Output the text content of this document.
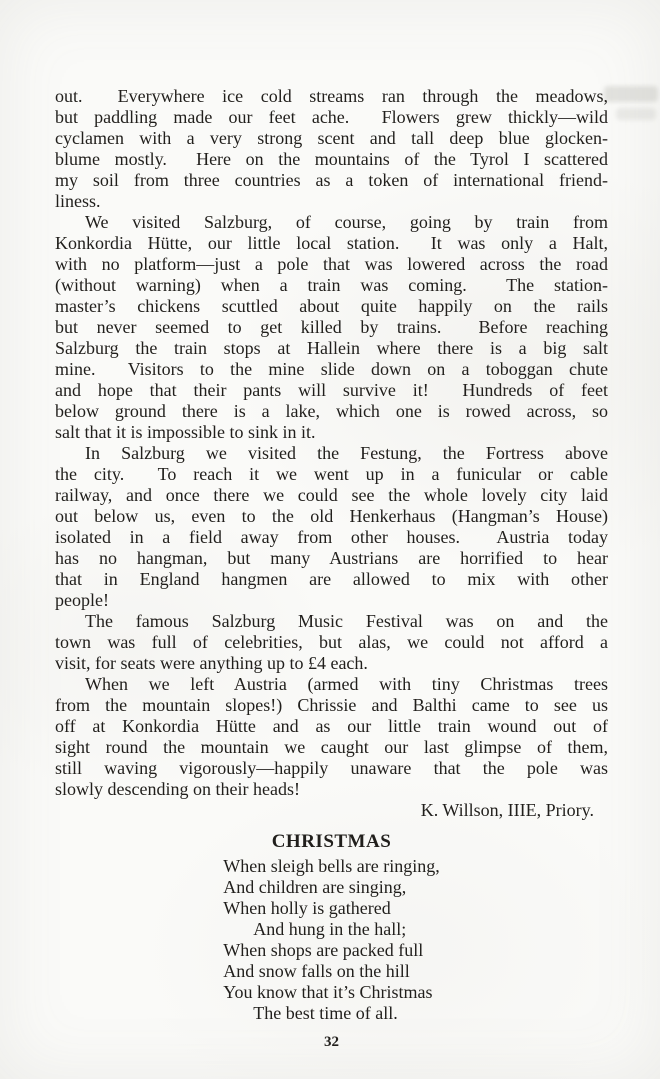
out.  Everywhere ice cold streams ran through the meadows,
but paddling made our feet ache.  Flowers grew thickly—wild
cyclamen with a very strong scent and tall deep blue glocken-
blume mostly.  Here on the mountains of the Tyrol I scattered
my soil from three countries as a token of international friend-
liness.
We visited Salzburg, of course, going by train from
Konkordia Hütte, our little local station.  It was only a Halt,
with no platform—just a pole that was lowered across the road
(without warning) when a train was coming.  The station-
master’s chickens scuttled about quite happily on the rails
but never seemed to get killed by trains.  Before reaching
Salzburg the train stops at Hallein where there is a big salt
mine.  Visitors to the mine slide down on a toboggan chute
and hope that their pants will survive it!  Hundreds of feet
below ground there is a lake, which one is rowed across, so
salt that it is impossible to sink in it.
In Salzburg we visited the Festung, the Fortress above
the city.  To reach it we went up in a funicular or cable
railway, and once there we could see the whole lovely city laid
out below us, even to the old Henkerhaus (Hangman’s House)
isolated in a field away from other houses.  Austria today
has no hangman, but many Austrians are horrified to hear
that in England hangmen are allowed to mix with other
people!
The famous Salzburg Music Festival was on and the
town was full of celebrities, but alas, we could not afford a
visit, for seats were anything up to £4 each.
When we left Austria (armed with tiny Christmas trees
from the mountain slopes!) Chrissie and Balthi came to see us
off at Konkordia Hütte and as our little train wound out of
sight round the mountain we caught our last glimpse of them,
still waving vigorously—happily unaware that the pole was
slowly descending on their heads!
K. Willson, IIIE, Priory.
CHRISTMAS
When sleigh bells are ringing,
And children are singing,
When holly is gathered
And hung in the hall;
When shops are packed full
And snow falls on the hill
You know that it’s Christmas
The best time of all.
32
